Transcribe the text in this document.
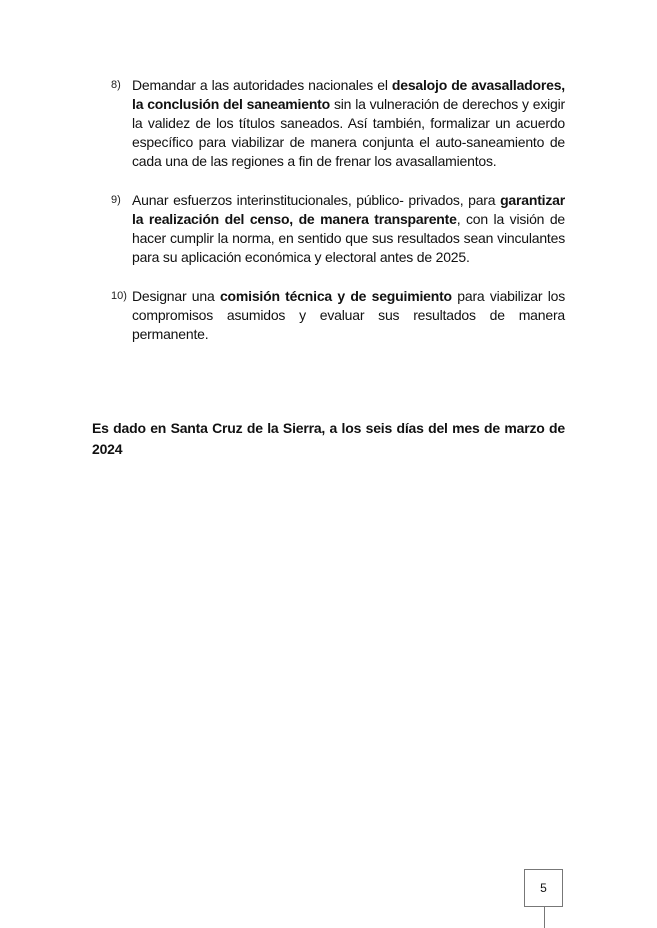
8) Demandar a las autoridades nacionales el desalojo de avasalladores, la conclusión del saneamiento sin la vulneración de derechos y exigir la validez de los títulos saneados. Así también, formalizar un acuerdo específico para viabilizar de manera conjunta el auto-saneamiento de cada una de las regiones a fin de frenar los avasallamientos.
9) Aunar esfuerzos interinstitucionales, público- privados, para garantizar la realización del censo, de manera transparente, con la visión de hacer cumplir la norma, en sentido que sus resultados sean vinculantes para su aplicación económica y electoral antes de 2025.
10) Designar una comisión técnica y de seguimiento para viabilizar los compromisos asumidos y evaluar sus resultados de manera permanente.
Es dado en Santa Cruz de la Sierra, a los seis días del mes de marzo de 2024
5
